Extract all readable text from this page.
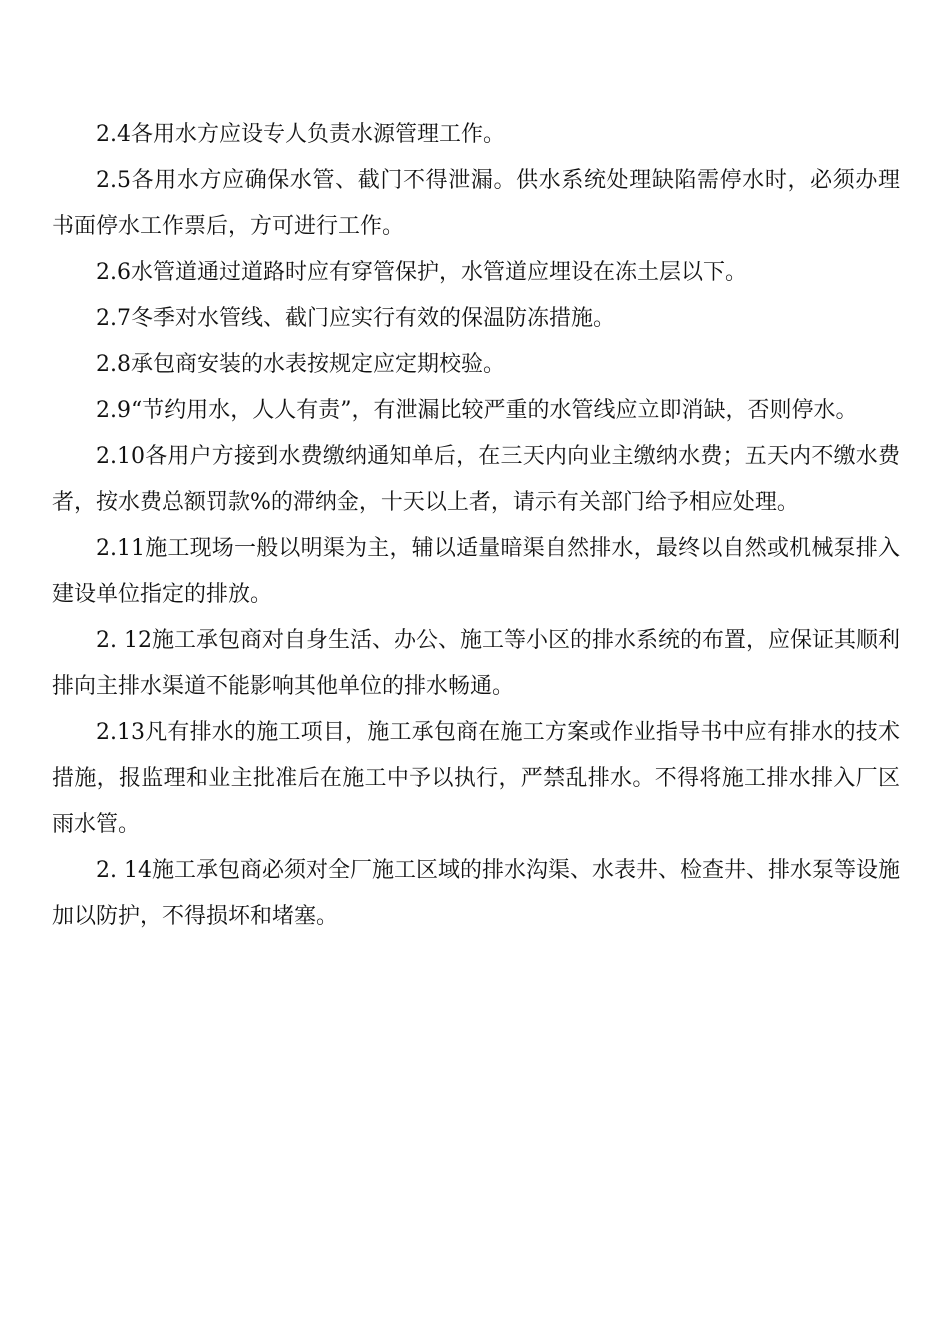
2.4各用水方应设专人负责水源管理工作。

2.5各用水方应确保水管、截门不得泄漏。供水系统处理缺陷需停水时，必须办理书面停水工作票后，方可进行工作。

2.6水管道通过道路时应有穿管保护，水管道应埋设在冻土层以下。

2.7冬季对水管线、截门应实行有效的保温防冻措施。

2.8承包商安装的水表按规定应定期校验。

2.9“节约用水，人人有责”，有泄漏比较严重的水管线应立即消缺，否则停水。

2.10各用户方接到水费缴纳通知单后，在三天内向业主缴纳水费；五天内不缴水费者，按水费总额罚款%的滞纳金，十天以上者，请示有关部门给予相应处理。

2.11施工现场一般以明渠为主，辅以适量暗渠自然排水，最终以自然或机械泵排入建设单位指定的排放。

2. 12施工承包商对自身生活、办公、施工等小区的排水系统的布置，应保证其顺利排向主排水渠道不能影响其他单位的排水畅通。

2.13凡有排水的施工项目，施工承包商在施工方案或作业指导书中应有排水的技术措施，报监理和业主批准后在施工中予以执行，严禁乱排水。不得将施工排水排入厂区雨水管。

2. 14施工承包商必须对全厂施工区域的排水沟渠、水表井、检查井、排水泵等设施加以防护，不得损坏和堵塞。
